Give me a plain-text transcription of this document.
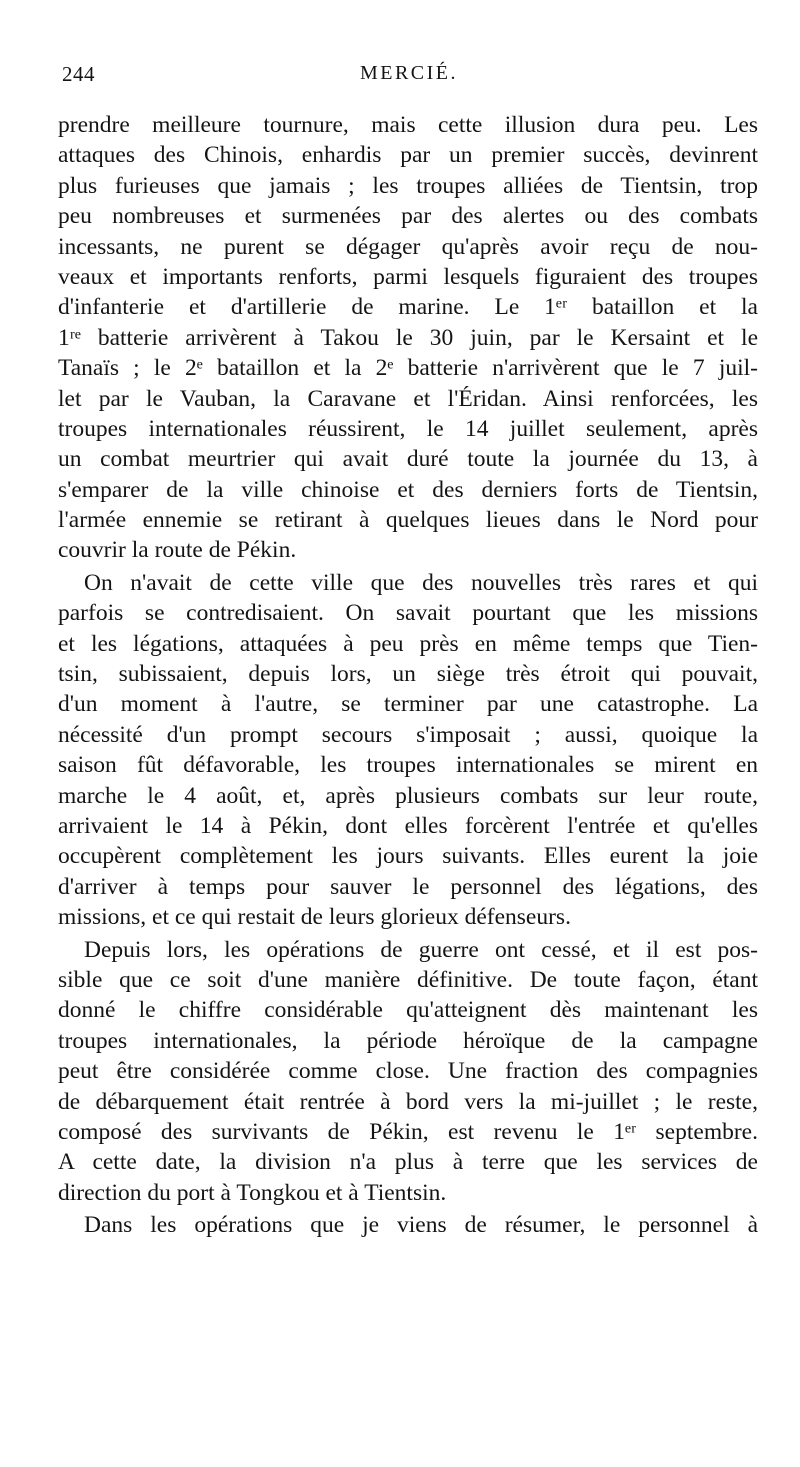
244	MERCIÉ.
prendre meilleure tournure, mais cette illusion dura peu. Les
attaques des Chinois, enhardis par un premier succès, devinrent
plus furieuses que jamais ; les troupes alliées de Tientsin, trop
peu nombreuses et surmenées par des alertes ou des combats
incessants, ne purent se dégager qu'après avoir reçu de nou-
veaux et importants renforts, parmi lesquels figuraient des troupes
d'infanterie et d'artillerie de marine. Le 1ᵉʳ bataillon et la
1ʳᵉ batterie arrivèrent à Takou le 30 juin, par le Kersaint et le
Tanaïs ; le 2ᵉ bataillon et la 2ᵉ batterie n'arrivèrent que le 7 juil-
let par le Vauban, la Caravane et l'Éridan. Ainsi renforcées, les
troupes internationales réussirent, le 14 juillet seulement, après
un combat meurtrier qui avait duré toute la journée du 13, à
s'emparer de la ville chinoise et des derniers forts de Tientsin,
l'armée ennemie se retirant à quelques lieues dans le Nord pour
couvrir la route de Pékin.
On n'avait de cette ville que des nouvelles très rares et qui
parfois se contredisaient. On savait pourtant que les missions
et les légations, attaquées à peu près en même temps que Tien-
tsin, subissaient, depuis lors, un siège très étroit qui pouvait,
d'un moment à l'autre, se terminer par une catastrophe. La
nécessité d'un prompt secours s'imposait ; aussi, quoique la
saison fût défavorable, les troupes internationales se mirent en
marche le 4 août, et, après plusieurs combats sur leur route,
arrivaient le 14 à Pékin, dont elles forcèrent l'entrée et qu'elles
occupèrent complètement les jours suivants. Elles eurent la joie
d'arriver à temps pour sauver le personnel des légations, des
missions, et ce qui restait de leurs glorieux défenseurs.
Depuis lors, les opérations de guerre ont cessé, et il est pos-
sible que ce soit d'une manière définitive. De toute façon, étant
donné le chiffre considérable qu'atteignent dès maintenant les
troupes internationales, la période héroïque de la campagne
peut être considérée comme close. Une fraction des compagnies
de débarquement était rentrée à bord vers la mi-juillet ; le reste,
composé des survivants de Pékin, est revenu le 1ᵉʳ septembre.
A cette date, la division n'a plus à terre que les services de
direction du port à Tongkou et à Tientsin.
Dans les opérations que je viens de résumer, le personnel à
